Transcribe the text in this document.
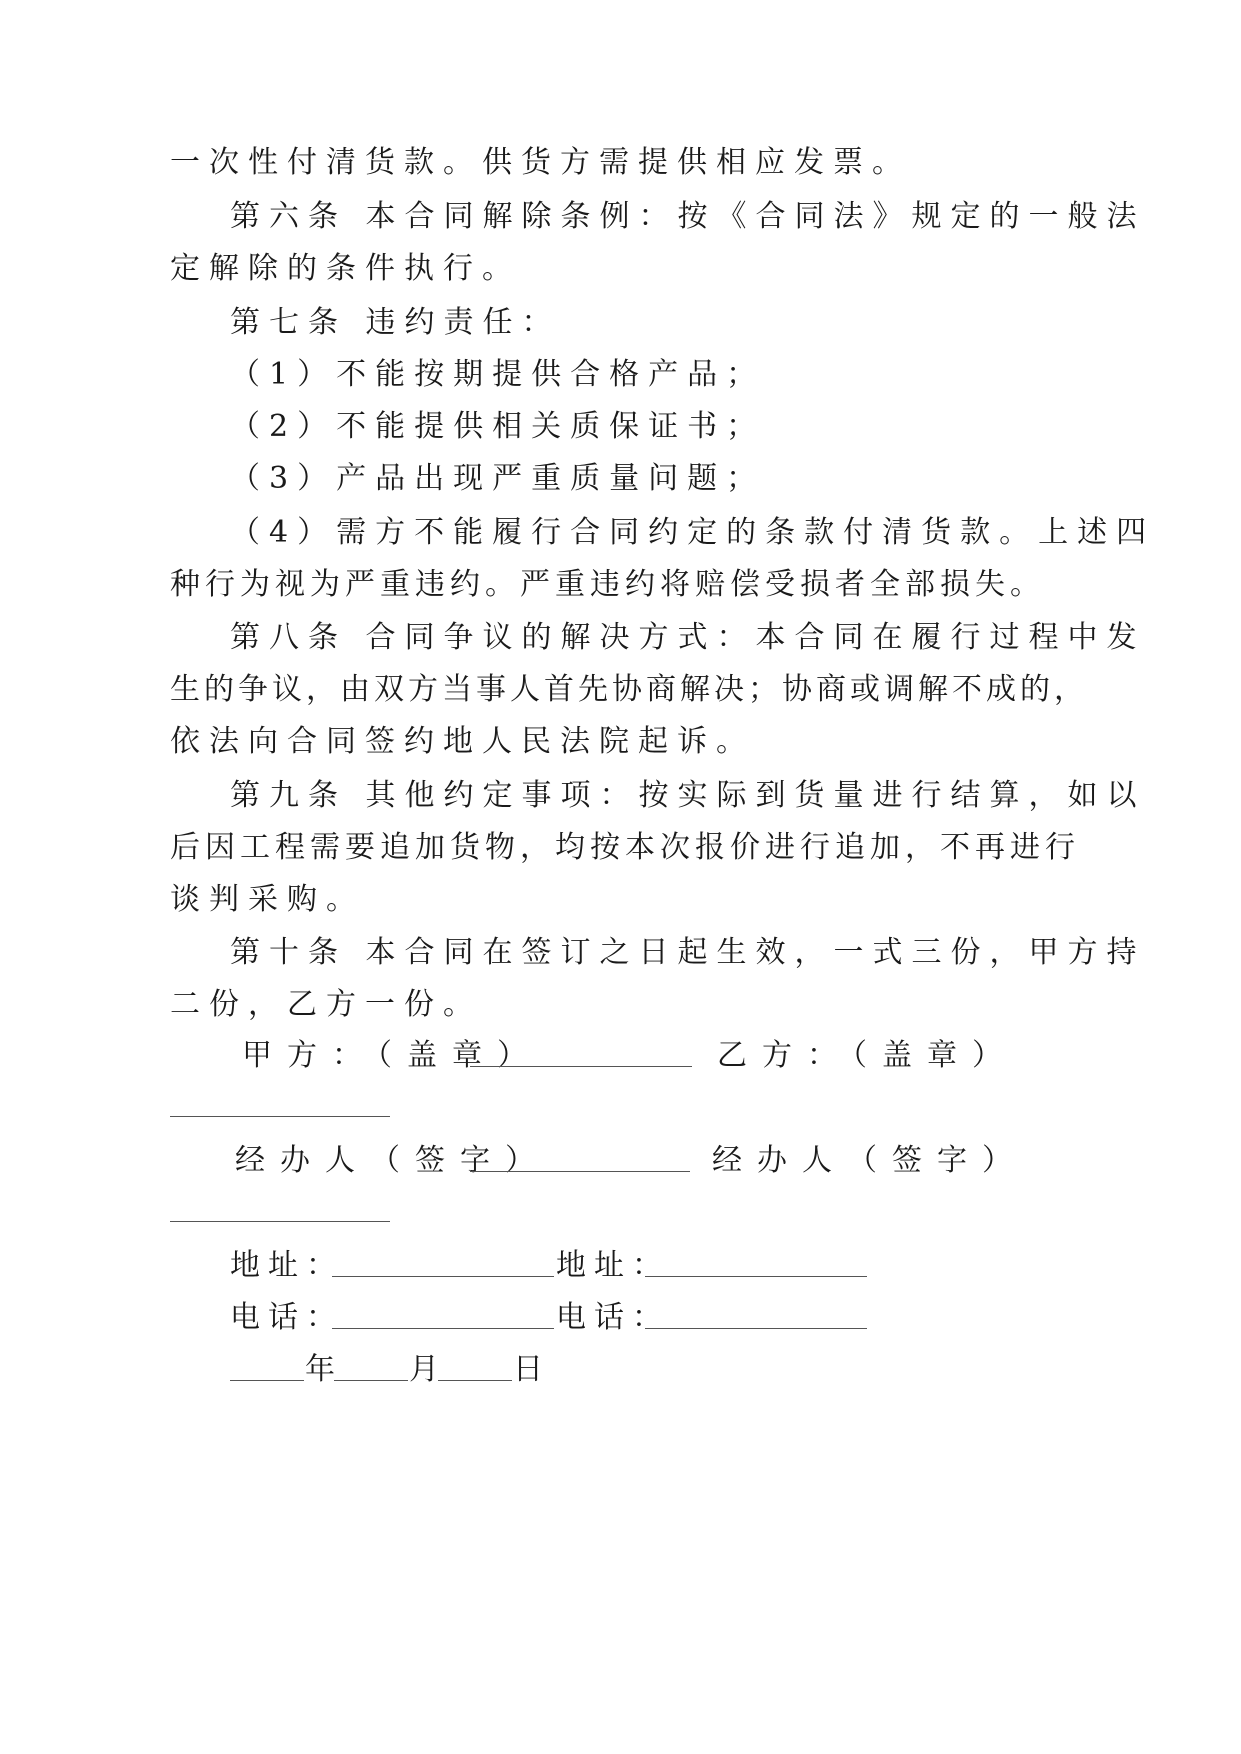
一次性付清货款。供货方需提供相应发票。
第六条 本合同解除条例：按《合同法》规定的一般法
定解除的条件执行。
第七条 违约责任：
（1）不能按期提供合格产品；
（2）不能提供相关质保证书；
（3）产品出现严重质量问题；
（4）需方不能履行合同约定的条款付清货款。上述四
种行为视为严重违约。严重违约将赔偿受损者全部损失。
第八条 合同争议的解决方式：本合同在履行过程中发
生的争议，由双方当事人首先协商解决；协商或调解不成的，
依法向合同签约地人民法院起诉。
第九条 其他约定事项：按实际到货量进行结算，如以
后因工程需要追加货物，均按本次报价进行追加，不再进行
谈判采购。
第十条 本合同在签订之日起生效，一式三份，甲方持
二份，乙方一份。
甲方：（盖章）	乙方：（盖章）
经办人（签字）	经办人（签字）
地址：	地址：
电话：	电话：
年 月 日
